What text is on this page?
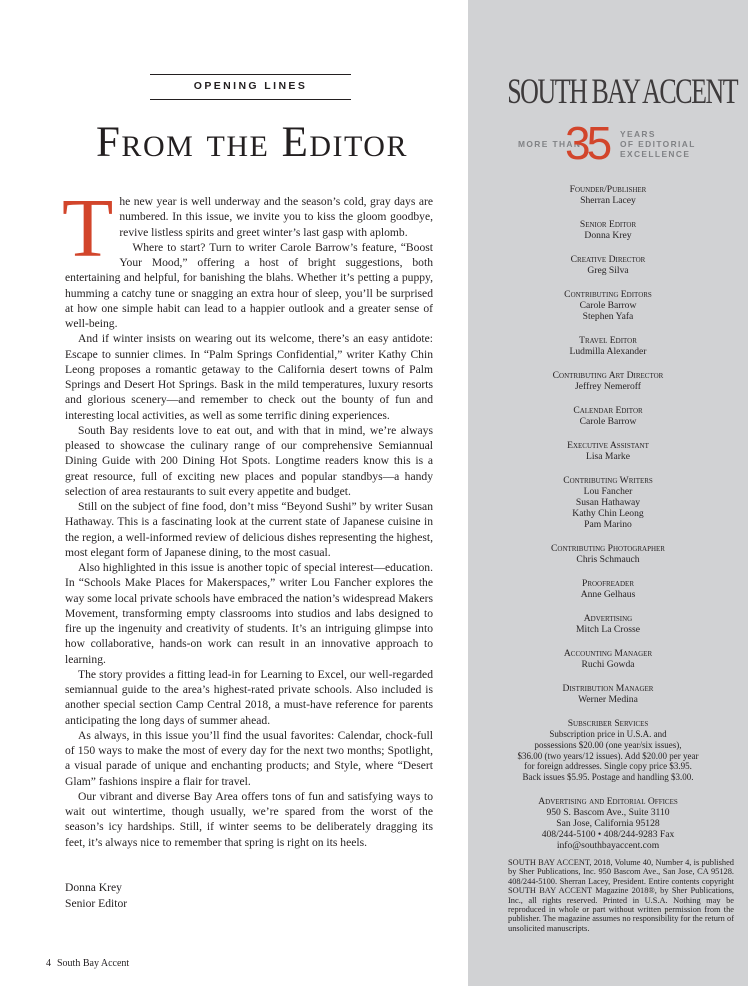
OPENING LINES
From the Editor

The new year is well underway and the season’s cold, gray days are numbered. In this issue, we invite you to kiss the gloom goodbye, revive listless spirits and greet winter’s last gasp with aplomb.

Where to start? Turn to writer Carole Barrow’s feature, “Boost Your Mood,” offering a host of bright suggestions, both entertaining and helpful, for banishing the blahs. Whether it’s petting a puppy, humming a catchy tune or snagging an extra hour of sleep, you’ll be surprised at how one simple habit can lead to a happier outlook and a greater sense of well-being.

And if winter insists on wearing out its welcome, there’s an easy antidote: Escape to sunnier climes. In “Palm Springs Confidential,” writer Kathy Chin Leong proposes a romantic getaway to the California desert towns of Palm Springs and Desert Hot Springs. Bask in the mild temperatures, luxury resorts and glorious scenery—and remember to check out the bounty of fun and interesting local activities, as well as some terrific dining experiences.

South Bay residents love to eat out, and with that in mind, we’re always pleased to showcase the culinary range of our comprehensive Semiannual Dining Guide with 200 Dining Hot Spots. Longtime readers know this is a great resource, full of exciting new places and popular standbys—a handy selection of area restaurants to suit every appetite and budget.

Still on the subject of fine food, don’t miss “Beyond Sushi” by writer Susan Hathaway. This is a fascinating look at the current state of Japanese cuisine in the region, a well-informed review of delicious dishes representing the highest, most elegant form of Japanese dining, to the most casual.

Also highlighted in this issue is another topic of special interest—education. In “Schools Make Places for Makerspaces,” writer Lou Fancher explores the way some local private schools have embraced the nation’s widespread Makers Movement, transforming empty classrooms into studios and labs designed to fire up the ingenuity and creativity of students. It’s an intriguing glimpse into how collaborative, hands-on work can result in an innovative approach to learning.

The story provides a fitting lead-in for Learning to Excel, our well-regarded semiannual guide to the area’s highest-rated private schools. Also included is another special section Camp Central 2018, a must-have reference for parents anticipating the long days of summer ahead.

As always, in this issue you’ll find the usual favorites: Calendar, chock-full of 150 ways to make the most of every day for the next two months; Spotlight, a visual parade of unique and enchanting products; and Style, where “Desert Glam” fashions inspire a flair for travel.

Our vibrant and diverse Bay Area offers tons of fun and satisfying ways to wait out wintertime, though usually, we’re spared from the worst of the season’s icy hardships. Still, if winter seems to be deliberately dragging its feet, it’s always nice to remember that spring is right on its heels.

Donna Krey
Senior Editor
4 South Bay Accent
SOUTH BAY ACCENT
MORE THAN
35 YEARS
OF EDITORIAL
EXCELLENCE
Founder/Publisher
Sherran Lacey
Senior Editor
Donna Krey
Creative Director
Greg Silva
Contributing Editors
Carole Barrow
Stephen Yafa
Travel Editor
Ludmilla Alexander
Contributing Art Director
Jeffrey Nemeroff
Calendar Editor
Carole Barrow
Executive Assistant
Lisa Marke
Contributing Writers
Lou Fancher
Susan Hathaway
Kathy Chin Leong
Pam Marino
Contributing Photographer
Chris Schmauch
Proofreader
Anne Gelhaus
Advertising
Mitch La Crosse
Accounting Manager
Ruchi Gowda
Distribution Manager
Werner Medina
Subscriber Services
Subscription price in U.S.A. and
possessions $20.00 (one year/six issues),
$36.00 (two years/12 issues). Add $20.00 per year
for foreign addresses. Single copy price $3.95.
Back issues $5.95. Postage and handling $3.00.
Advertising and Editorial Offices
950 S. Bascom Ave., Suite 3110
San Jose, California 95128
408/244-5100 • 408/244-9283 Fax
info@southbayaccent.com
SOUTH BAY ACCENT, 2018, Volume 40, Number 4, is published by Sher Publications, Inc. 950 Bascom Ave., San Jose, CA 95128. 408/244-5100. Sherran Lacey, President. Entire contents copyright SOUTH BAY ACCENT Magazine 2018®, by Sher Publications, Inc., all rights reserved. Printed in U.S.A. Nothing may be reproduced in whole or part without written permission from the publisher. The magazine assumes no responsibility for the return of unsolicited manuscripts.
